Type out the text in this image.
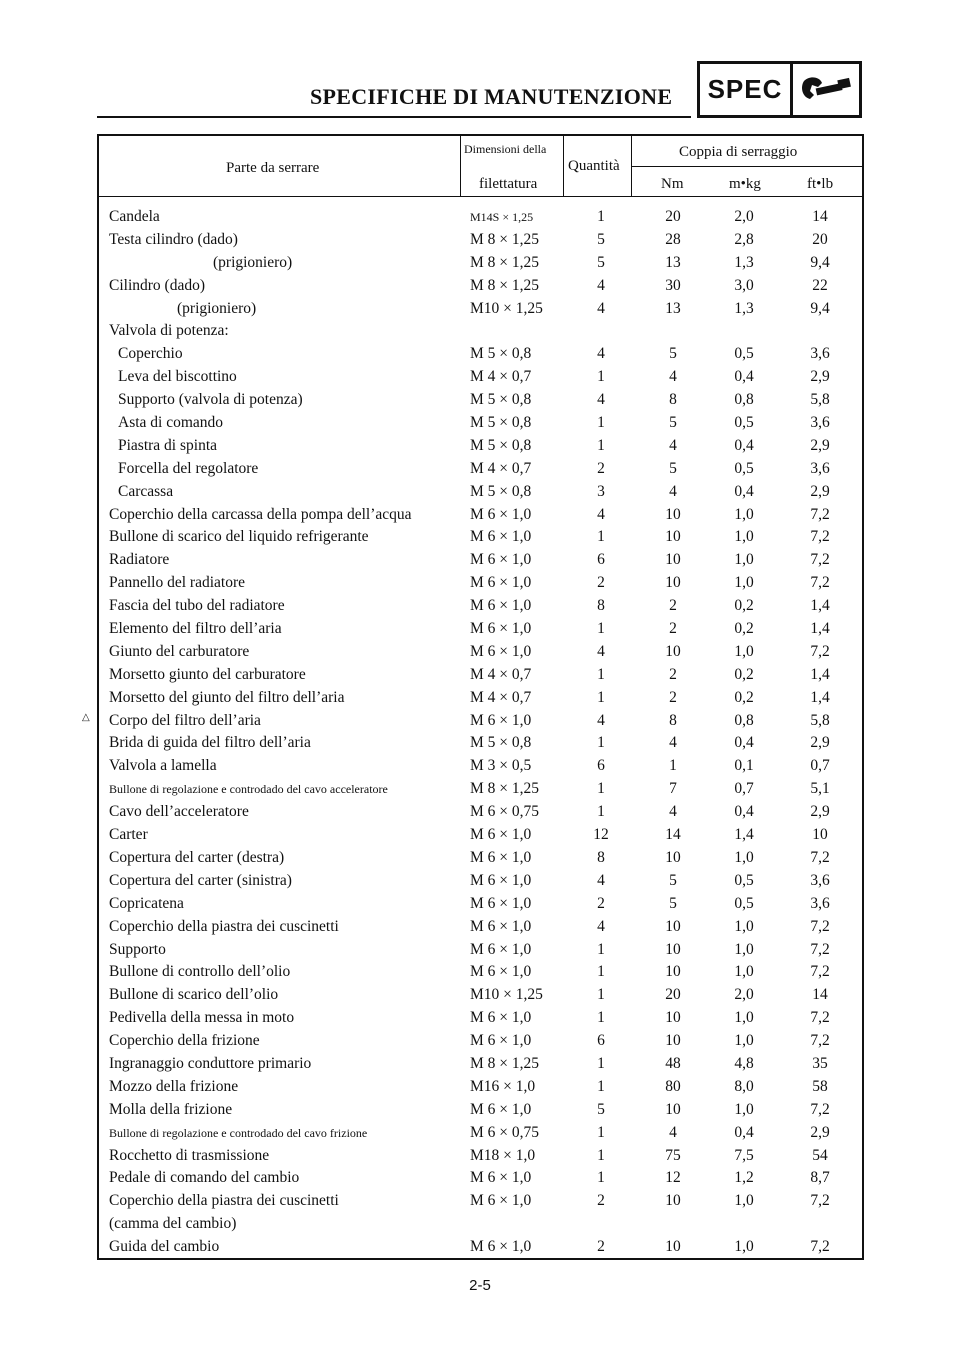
SPECIFICHE DI MANUTENZIONE SPEC
Parte da serrare
Dimensioni della
filettatura
Quantità
Coppia di serraggio
Nm	m•kg	ft•lb
Candela	M14S × 1,25	1	20	2,0	14
Testa cilindro (dado)	M 8 × 1,25	5	28	2,8	20
(prigioniero)	M 8 × 1,25	5	13	1,3	9,4
Cilindro (dado)	M 8 × 1,25	4	30	3,0	22
(prigioniero)	M10 × 1,25	4	13	1,3	9,4
Valvola di potenza:
Coperchio	M 5 × 0,8	4	5	0,5	3,6
Leva del biscottino	M 4 × 0,7	1	4	0,4	2,9
Supporto (valvola di potenza)	M 5 × 0,8	4	8	0,8	5,8
Asta di comando	M 5 × 0,8	1	5	0,5	3,6
Piastra di spinta	M 5 × 0,8	1	4	0,4	2,9
Forcella del regolatore	M 4 × 0,7	2	5	0,5	3,6
Carcassa	M 5 × 0,8	3	4	0,4	2,9
Coperchio della carcassa della pompa dell’acqua	M 6 × 1,0	4	10	1,0	7,2
Bullone di scarico del liquido refrigerante	M 6 × 1,0	1	10	1,0	7,2
Radiatore	M 6 × 1,0	6	10	1,0	7,2
Pannello del radiatore	M 6 × 1,0	2	10	1,0	7,2
Fascia del tubo del radiatore	M 6 × 1,0	8	2	0,2	1,4
Elemento del filtro dell’aria	M 6 × 1,0	1	2	0,2	1,4
Giunto del carburatore	M 6 × 1,0	4	10	1,0	7,2
Morsetto giunto del carburatore	M 4 × 0,7	1	2	0,2	1,4
Morsetto del giunto del filtro dell’aria	M 4 × 0,7	1	2	0,2	1,4
Corpo del filtro dell’aria	M 6 × 1,0	4	8	0,8	5,8
Brida di guida del filtro dell’aria	M 5 × 0,8	1	4	0,4	2,9
Valvola a lamella	M 3 × 0,5	6	1	0,1	0,7
Bullone di regolazione e controdado del cavo acceleratore	M 8 × 1,25	1	7	0,7	5,1
Cavo dell’acceleratore	M 6 × 0,75	1	4	0,4	2,9
Carter	M 6 × 1,0	12	14	1,4	10
Copertura del carter (destra)	M 6 × 1,0	8	10	1,0	7,2
Copertura del carter (sinistra)	M 6 × 1,0	4	5	0,5	3,6
Copricatena	M 6 × 1,0	2	5	0,5	3,6
Coperchio della piastra dei cuscinetti	M 6 × 1,0	4	10	1,0	7,2
Supporto	M 6 × 1,0	1	10	1,0	7,2
Bullone di controllo dell’olio	M 6 × 1,0	1	10	1,0	7,2
Bullone di scarico dell’olio	M10 × 1,25	1	20	2,0	14
Pedivella della messa in moto	M 6 × 1,0	1	10	1,0	7,2
Coperchio della frizione	M 6 × 1,0	6	10	1,0	7,2
Ingranaggio conduttore primario	M 8 × 1,25	1	48	4,8	35
Mozzo della frizione	M16 × 1,0	1	80	8,0	58
Molla della frizione	M 6 × 1,0	5	10	1,0	7,2
Bullone di regolazione e controdado del cavo frizione	M 6 × 0,75	1	4	0,4	2,9
Rocchetto di trasmissione	M18 × 1,0	1	75	7,5	54
Pedale di comando del cambio	M 6 × 1,0	1	12	1,2	8,7
Coperchio della piastra dei cuscinetti	M 6 × 1,0	2	10	1,0	7,2
(camma del cambio)
Guida del cambio	M 6 × 1,0	2	10	1,0	7,2
△
2-5
